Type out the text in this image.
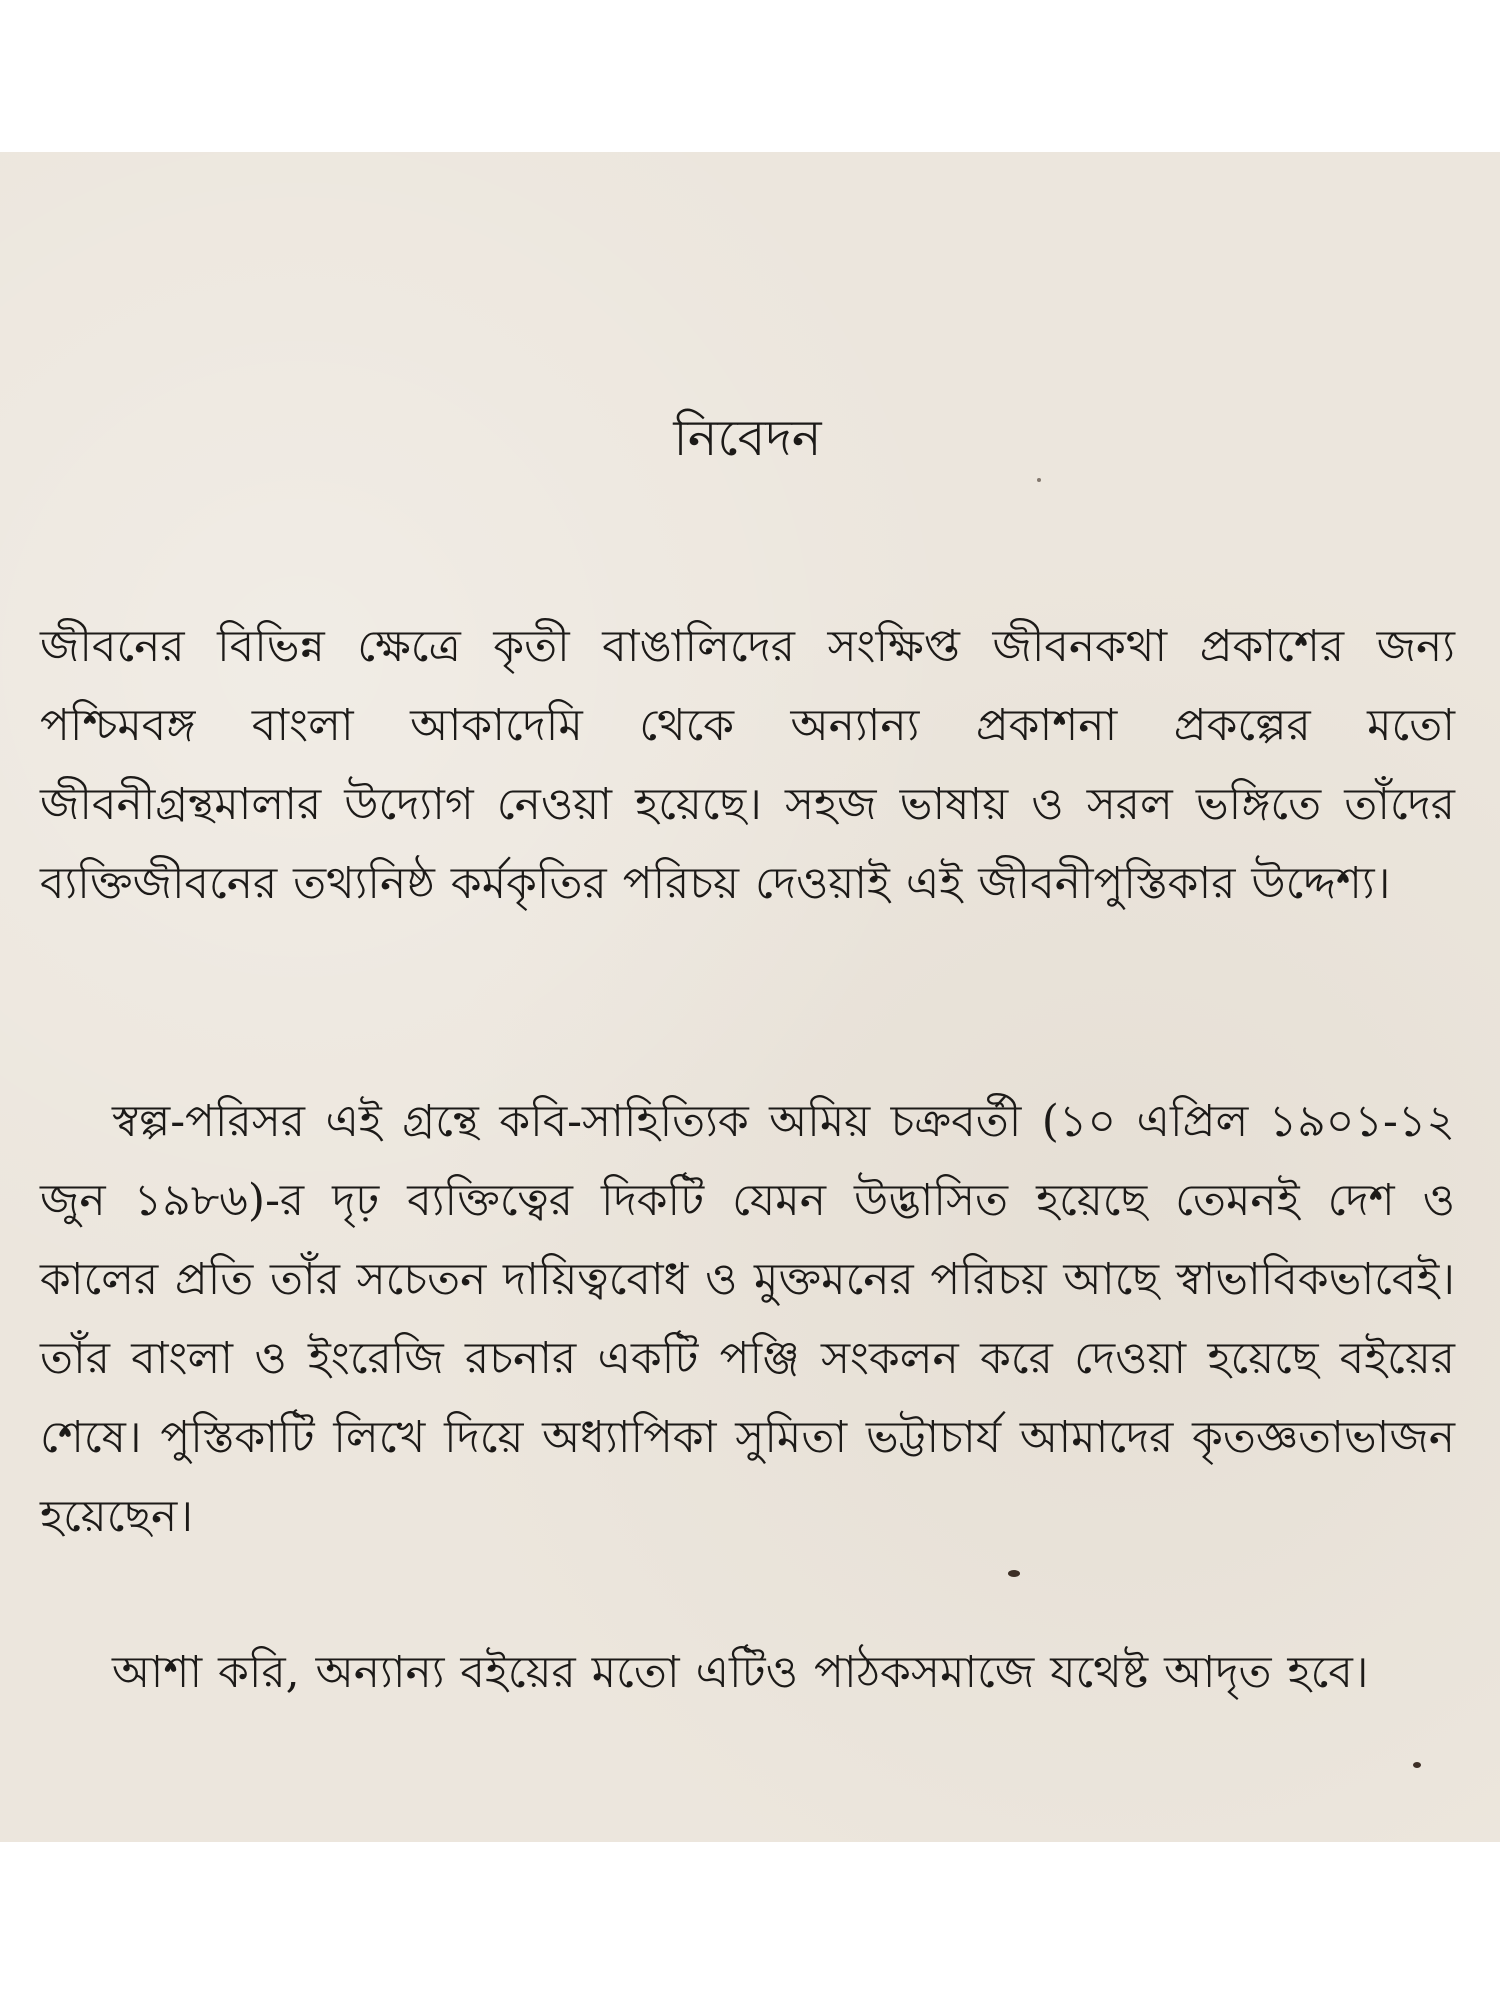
নিবেদন

জীবনের বিভিন্ন ক্ষেত্রে কৃতী বাঙালিদের সংক্ষিপ্ত জীবনকথা প্রকাশের জন্য পশ্চিমবঙ্গ বাংলা আকাদেমি থেকে অন্যান্য প্রকাশনা প্রকল্পের মতো জীবনীগ্রন্থমালার উদ্যোগ নেওয়া হয়েছে। সহজ ভাষায় ও সরল ভঙ্গিতে তাঁদের ব্যক্তিজীবনের তথ্যনিষ্ঠ কর্মকৃতির পরিচয় দেওয়াই এই জীবনীপুস্তিকার উদ্দেশ্য।

স্বল্প-পরিসর এই গ্রন্থে কবি-সাহিত্যিক অমিয় চক্রবর্তী (১০ এপ্রিল ১৯০১-১২ জুন ১৯৮৬)-র দৃঢ় ব্যক্তিত্বের দিকটি যেমন উদ্ভাসিত হয়েছে তেমনই দেশ ও কালের প্রতি তাঁর সচেতন দায়িত্ববোধ ও মুক্তমনের পরিচয় আছে স্বাভাবিকভাবেই। তাঁর বাংলা ও ইংরেজি রচনার একটি পঞ্জি সংকলন করে দেওয়া হয়েছে বইয়ের শেষে। পুস্তিকাটি লিখে দিয়ে অধ্যাপিকা সুমিতা ভট্টাচার্য আমাদের কৃতজ্ঞতাভাজন হয়েছেন।

আশা করি, অন্যান্য বইয়ের মতো এটিও পাঠকসমাজে যথেষ্ট আদৃত হবে।
